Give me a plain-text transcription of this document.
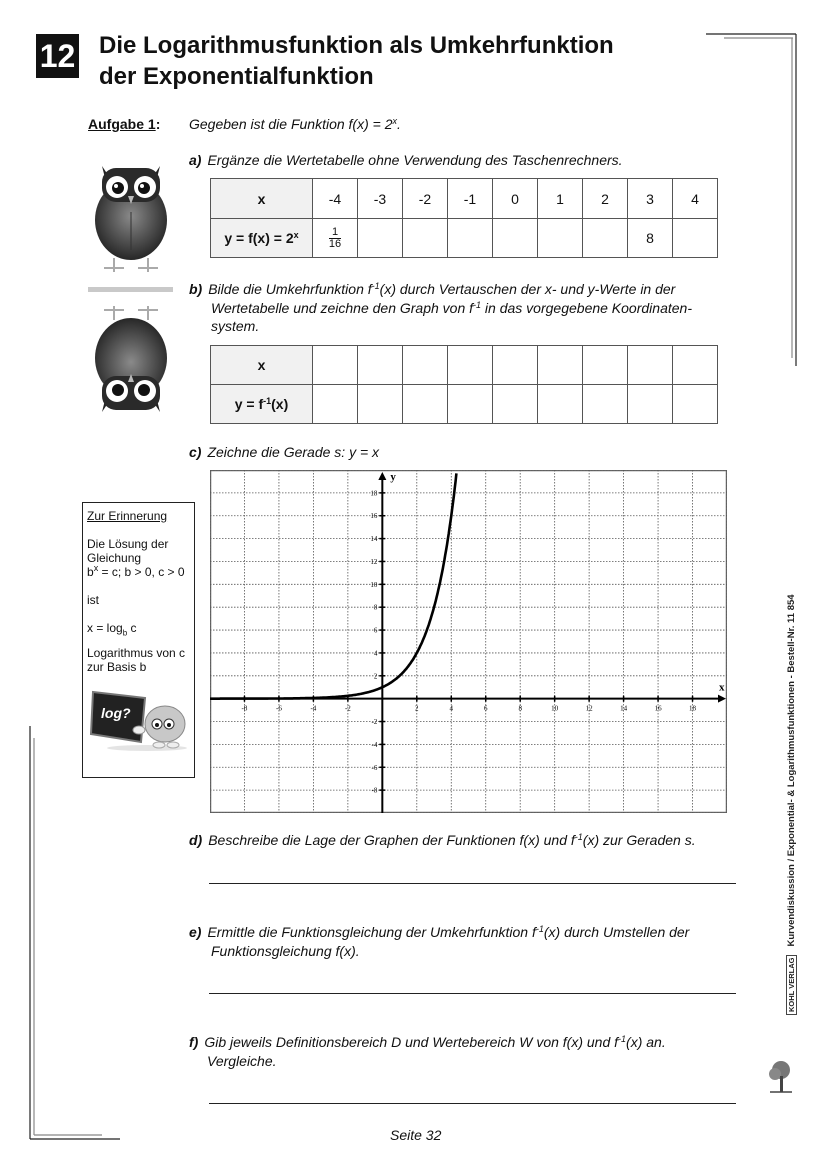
12 Die Logarithmusfunktion als Umkehrfunktion
der Exponentialfunktion
Aufgabe 1: Gegeben ist die Funktion $f(x) = 2^x$.
a) Ergänze die Wertetabelle ohne Verwendung des Taschenrechners.
x	-4	-3	-2	-1	0	1	2	3	4
$y = f(x) = 2^x$	$\frac{1}{16}$							8	
b) Bilde die Umkehrfunktion $f^{-1}(x)$ durch Vertauschen der x- und y-Werte in der
Wertetabelle und zeichne den Graph von $f^{-1}$ in das vorgegebene Koordinaten-
system.
x									
$y = f^{-1}(x)$									
c) Zeichne die Gerade s: y = x
-8	-6	-4	-2	2	4	6	8	10	12	14	16	18
-8
-6
-4
-2
2
4
6
8
10
12
14
16
18
x
y

Zur Erinnerung

Die Lösung der

Gleichung

$b^x = c$; b > 0, c > 0

ist

$x = \log_b c$

Logarithmus von c

zur Basis b

log?
d) Beschreibe die Lage der Graphen der Funktionen f(x) und $f^{-1}(x)$ zur Geraden s.
e) Ermittle die Funktionsgleichung der Umkehrfunktion $f^{-1}(x)$ durch Umstellen der
Funktionsgleichung f(x).
f) Gib jeweils Definitionsbereich D und Wertebereich W von f(x) und $f^{-1}(x)$ an.
Vergleiche.
KOHL VERLAGKurvendiskussion / Exponential- & Logarithmusfunktionen - Bestell-Nr. 11 854
Seite 32
